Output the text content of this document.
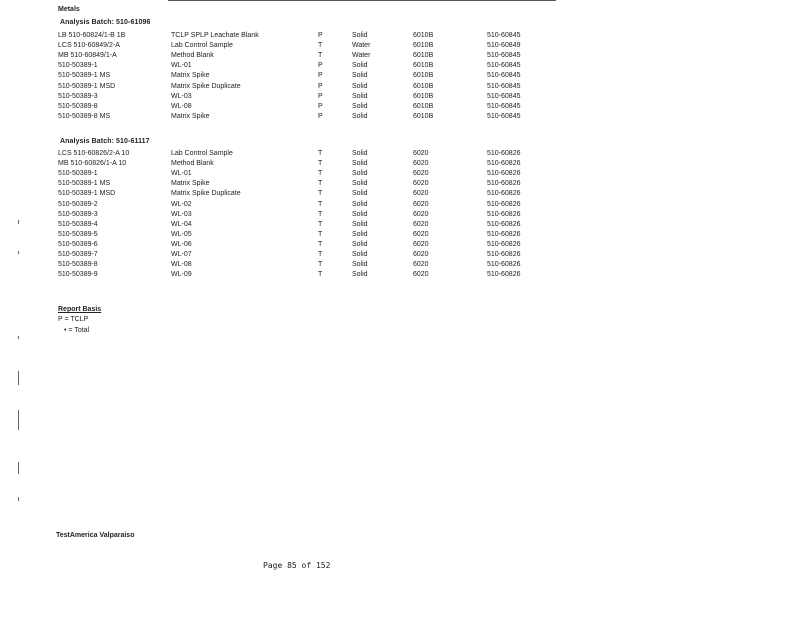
Metals
Analysis Batch: 510-61096
LB 510-60824/1-B 1B	TCLP SPLP Leachate Blank	P	Solid	6010B	510-60845
LCS 510-60849/2-A	Lab Control Sample	T	Water	6010B	510-60849
MB 510-60849/1-A	Method Blank	T	Water	6010B	510-60845
510-50389-1	WL-01	P	Solid	6010B	510-60845
510-50389-1 MS	Matrix Spike	P	Solid	6010B	510-60845
510-50389-1 MSD	Matrix Spike Duplicate	P	Solid	6010B	510-60845
510-50389-3	WL-03	P	Solid	6010B	510-60845
510-50389-8	WL-08	P	Solid	6010B	510-60845
510-50389-8 MS	Matrix Spike	P	Solid	6010B	510-60845
Analysis Batch: 510-61117
LCS 510-60826/2-A 10	Lab Control Sample	T	Solid	6020	510-60826
MB 510-60826/1-A 10	Method Blank	T	Solid	6020	510-60826
510-50389-1	WL-01	T	Solid	6020	510-60826
510-50389-1 MS	Matrix Spike	T	Solid	6020	510-60826
510-50389-1 MSD	Matrix Spike Duplicate	T	Solid	6020	510-60826
510-50389-2	WL-02	T	Solid	6020	510-60826
510-50389-3	WL-03	T	Solid	6020	510-60826
510-50389-4	WL-04	T	Solid	6020	510-60826
510-50389-5	WL-05	T	Solid	6020	510-60826
510-50389-6	WL-06	T	Solid	6020	510-60826
510-50389-7	WL-07	T	Solid	6020	510-60826
510-50389-8	WL-08	T	Solid	6020	510-60826
510-50389-9	WL-09	T	Solid	6020	510-60826
Report Basis
P = TCLP
• = Total
TestAmerica Valparaiso
Page 85 of 152
